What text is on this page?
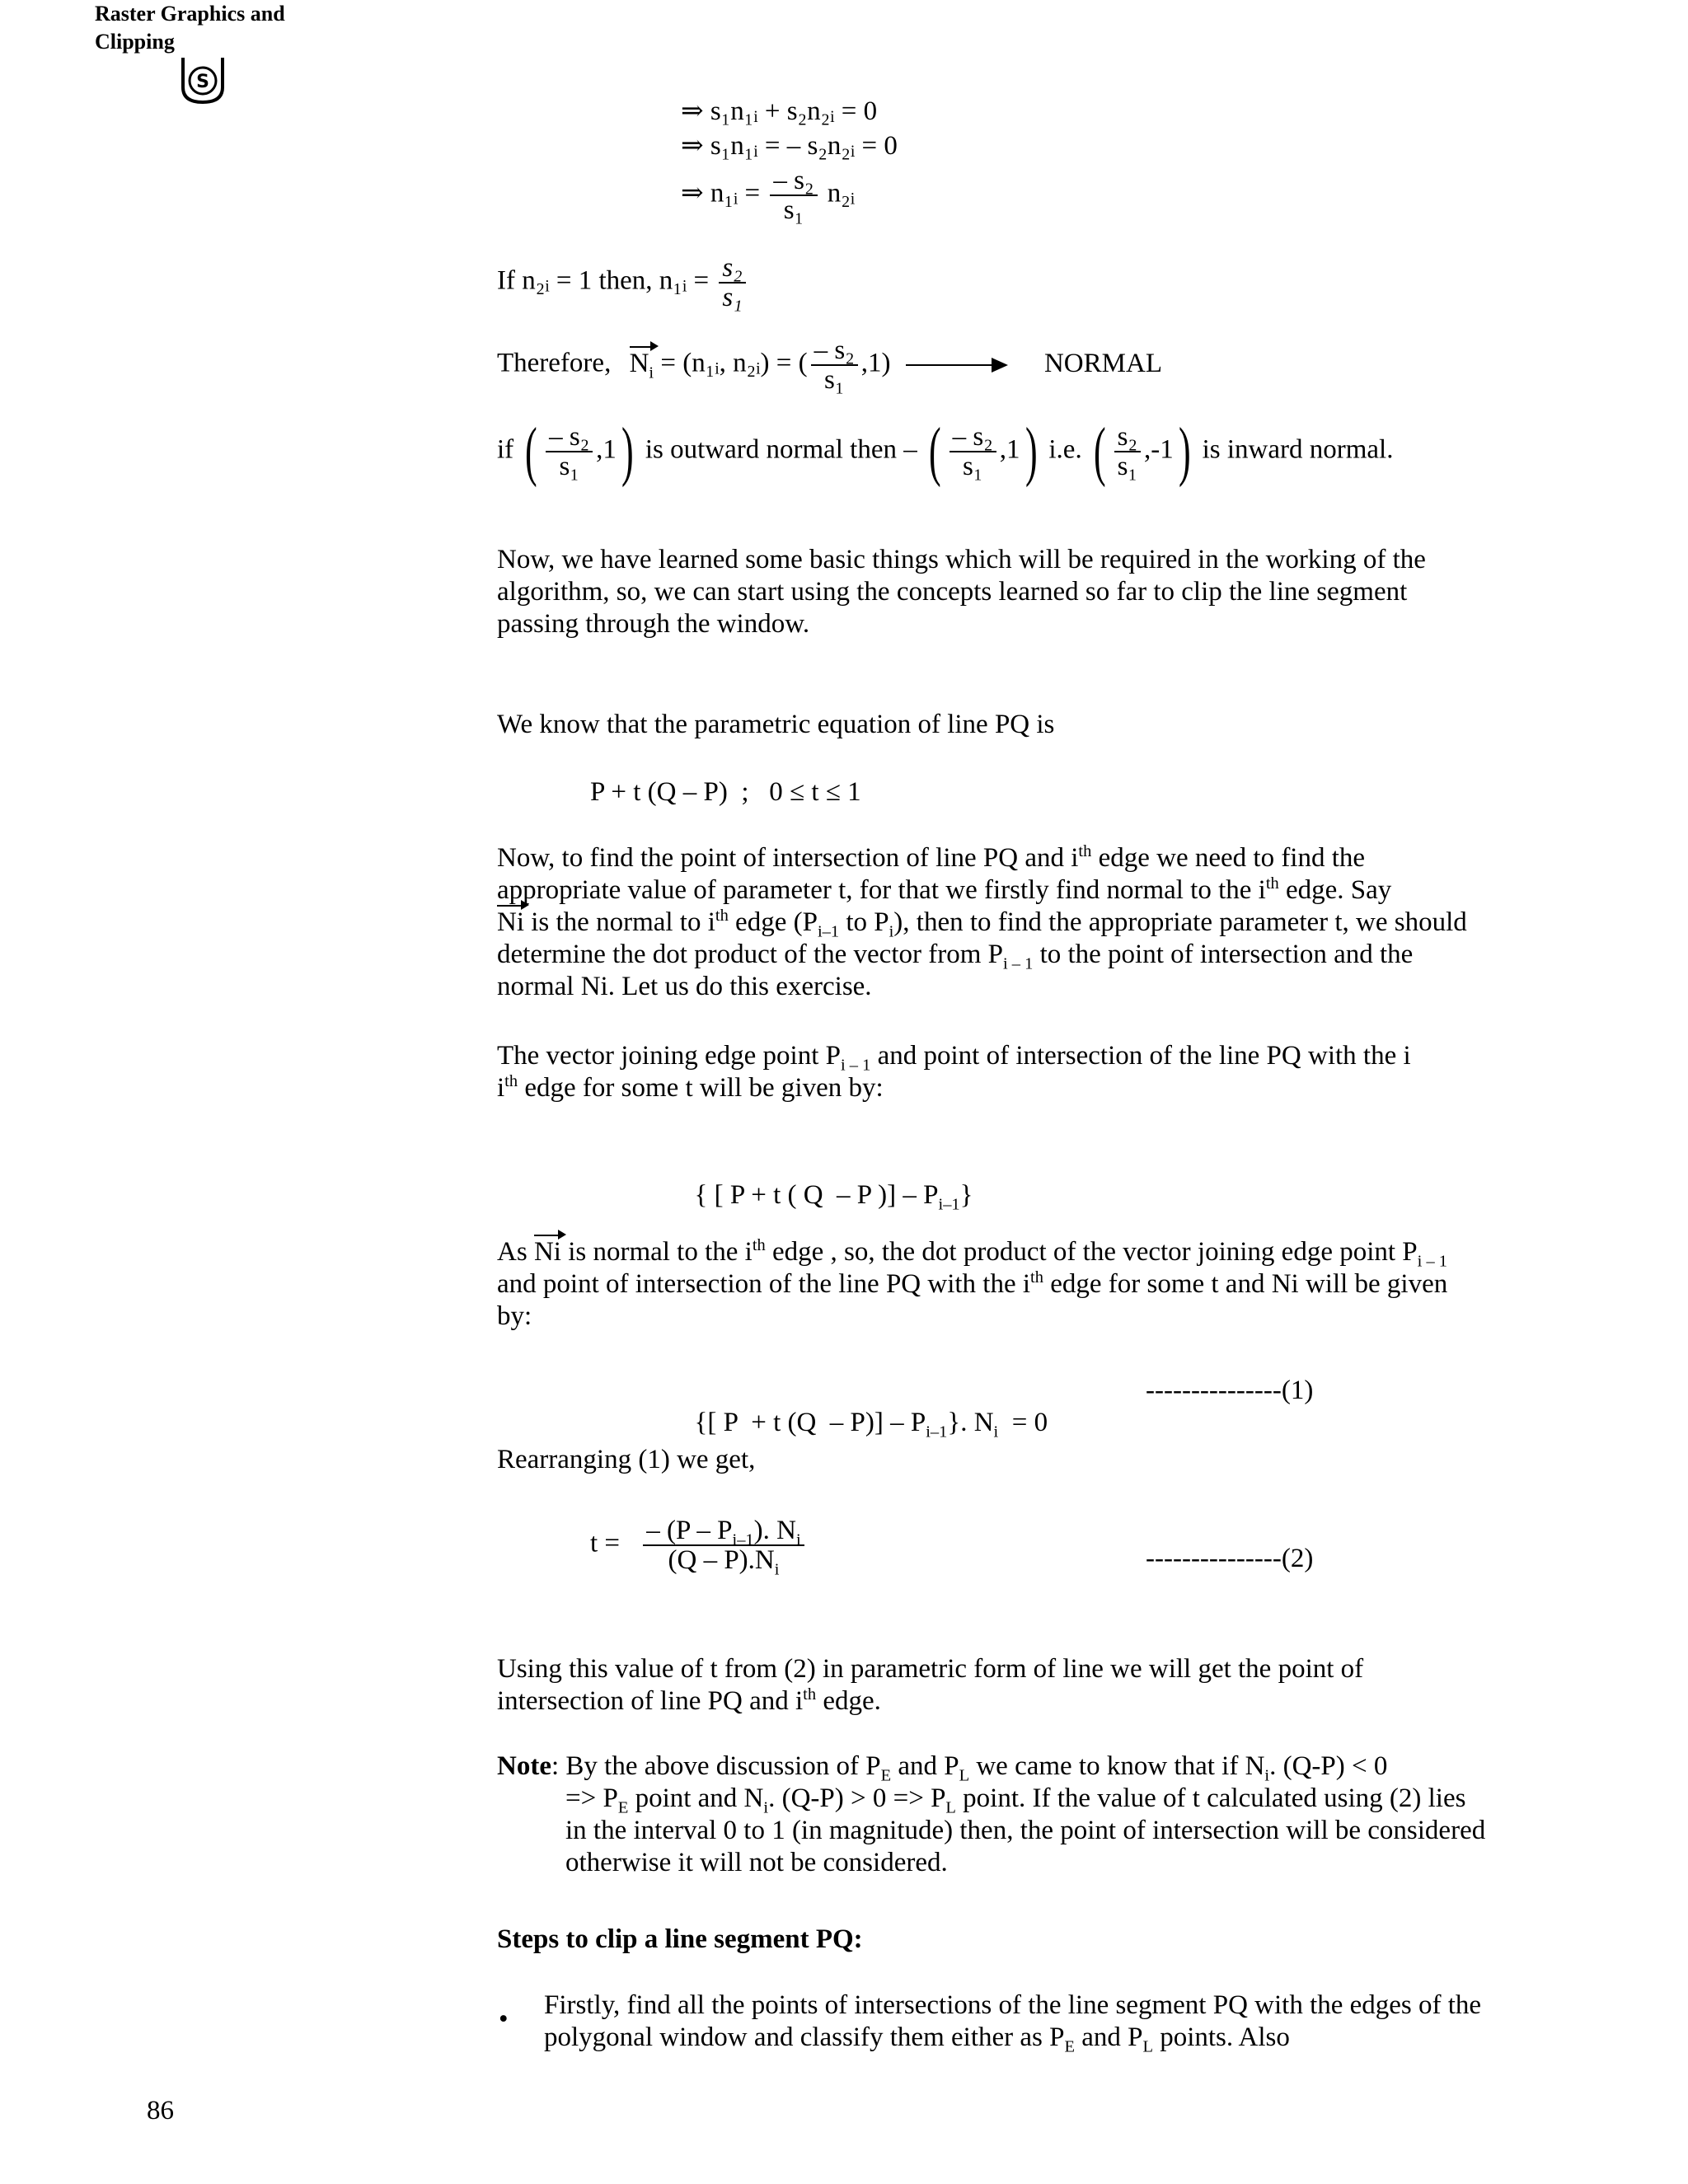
Raster Graphics and
Clipping
S
⇒ s₁n₁ᵢ + s₂n₂ᵢ = 0
⇒ s₁n₁ᵢ = – s₂n₂ᵢ = 0
⇒ n₁ᵢ = $\frac{\text{– s₂}}{\text{s₁}}$ n₂ᵢ
If n₂ᵢ = 1 then, n₁ᵢ = $\frac{\text{s₂}}{\text{s₁}}$
Therefore, $N_i$ = (n₁ᵢ, n₂ᵢ) = ( $\frac{\text{– s₂}}{\text{s₁}} ,1$)	NORMAL
if ( $\frac{\text{– s₂}}{\text{s₁}} ,1$) is outward normal then – ( $\frac{\text{– s₂}}{\text{s₁}} ,1$) i.e. ( $\frac{\text{s₂}}{\text{s₁}} ,-1$) is inward normal.
Now, we have learned some basic things which will be required in the working of the algorithm, so, we can start using the concepts learned so far to clip the line segment passing through the window.
We know that the parametric equation of line PQ is
P + t (Q – P)  ;   0 ≤ t ≤ 1
Now, to find the point of intersection of line PQ and $i^{th}$ edge we need to find the appropriate value of parameter t, for that we firstly find normal to the $i^{th}$ edge. Say
Ni is the normal to $i^{th}$ edge ($P_{i-1}$ to $P_i$), then to find the appropriate parameter t, we should determine the dot product of the vector from $P_{i - 1}$ to the point of intersection and the normal Ni. Let us do this exercise.
The vector joining edge point $P_{i - 1}$ and point of intersection of the line PQ with the i
$i^{th}$ edge for some t will be given by:

{ [ P + t ( Q  – P )] – $P_{i-1}$}

As Ni is normal to the $i^{th}$ edge , so, the dot product of the vector joining edge point $P_{i - 1}$ and point of intersection of the line PQ with the $i^{th}$ edge for some t and Ni will be given by:

{[ P  + t $(Q - P)] - P_{i-1}$}. $N_i = 0$

---------------(1)
Rearranging (1) we get,
$t = \frac{- (P - P_{i-1}). N_i}{(Q - P).N_i}$	---------------(2)
Using this value of t from (2) in parametric form of line we will get the point of intersection of line PQ and $i^{th}$ edge.
Note: By the above discussion of $P_E$ and $P_L$ we came to know that if $N_i$. (Q-P) < 0
=> $P_E$ point and $N_i$. $(Q-P) > 0 => P_L$ point. If the value of t calculated using (2) lies in the interval 0 to 1 (in magnitude) then, the point of intersection will be considered otherwise it will not be considered.
Steps to clip a line segment PQ:
• Firstly, find all the points of intersections of the line segment PQ with the edges of the polygonal window and classify them either as $P_E$ and $P_L$ points. Also
86
